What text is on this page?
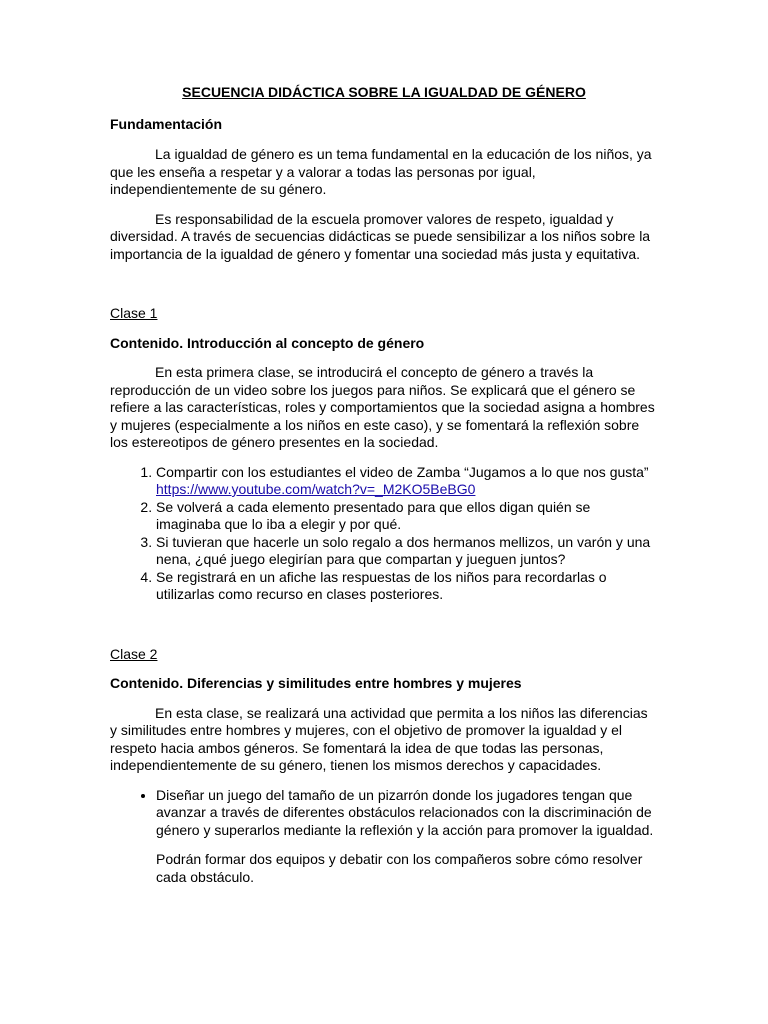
SECUENCIA DIDÁCTICA SOBRE LA IGUALDAD DE GÉNERO

Fundamentación

La igualdad de género es un tema fundamental en la educación de los niños, ya que les enseña a respetar y a valorar a todas las personas por igual, independientemente de su género.

Es responsabilidad de la escuela promover valores de respeto, igualdad y diversidad. A través de secuencias didácticas se puede sensibilizar a los niños sobre la importancia de la igualdad de género y fomentar una sociedad más justa y equitativa.

Clase 1

Contenido. Introducción al concepto de género

En esta primera clase, se introducirá el concepto de género a través la reproducción de un video sobre los juegos para niños. Se explicará que el género se refiere a las características, roles y comportamientos que la sociedad asigna a hombres y mujeres (especialmente a los niños en este caso), y se fomentará la reflexión sobre los estereotipos de género presentes en la sociedad.

1. Compartir con los estudiantes el video de Zamba “Jugamos a lo que nos gusta”
https://www.youtube.com/watch?v=_M2KO5BeBG0
2. Se volverá a cada elemento presentado para que ellos digan quién se imaginaba que lo iba a elegir y por qué.
3. Si tuvieran que hacerle un solo regalo a dos hermanos mellizos, un varón y una nena, ¿qué juego elegirían para que compartan y jueguen juntos?
4. Se registrará en un afiche las respuestas de los niños para recordarlas o utilizarlas como recurso en clases posteriores.

Clase 2

Contenido. Diferencias y similitudes entre hombres y mujeres

En esta clase, se realizará una actividad que permita a los niños las diferencias y similitudes entre hombres y mujeres, con el objetivo de promover la igualdad y el respeto hacia ambos géneros. Se fomentará la idea de que todas las personas, independientemente de su género, tienen los mismos derechos y capacidades.

• Diseñar un juego del tamaño de un pizarrón donde los jugadores tengan que avanzar a través de diferentes obstáculos relacionados con la discriminación de género y superarlos mediante la reflexión y la acción para promover la igualdad.

Podrán formar dos equipos y debatir con los compañeros sobre cómo resolver cada obstáculo.
